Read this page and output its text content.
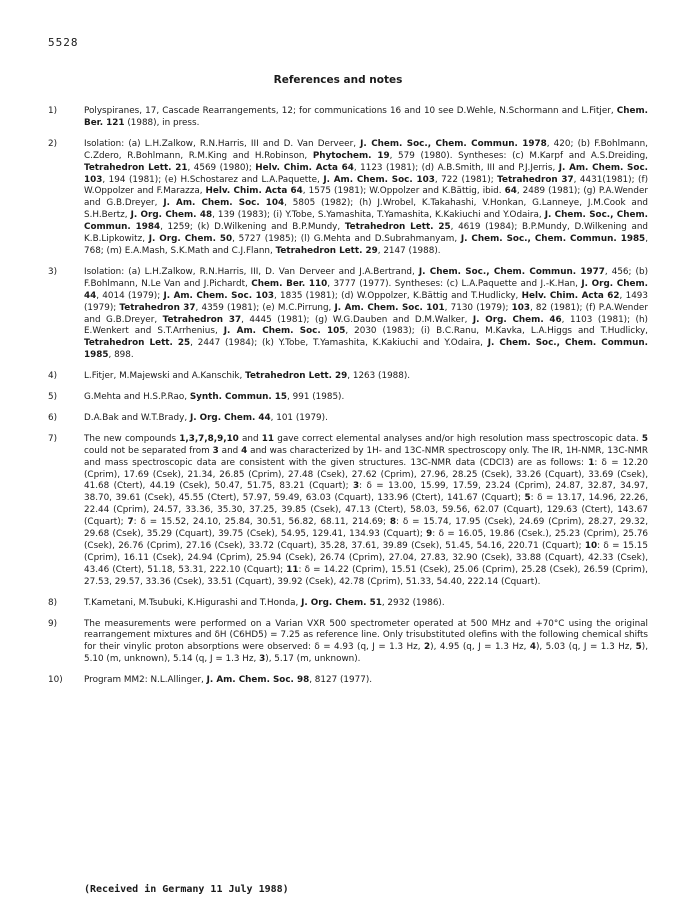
5528
References and notes
1)	Polyspiranes, 17, Cascade Rearrangements, 12; for communications 16 and 10 see D.Wehle, N.Schormann and L.Fitjer, Chem. Ber. 121 (1988), in press.
2)	Isolation: (a) L.H.Zalkow, R.N.Harris, III and D. Van Derveer, J. Chem. Soc., Chem. Commun. 1978, 420; (b) F.Bohlmann, C.Zdero, R.Bohlmann, R.M.King and H.Robinson, Phytochem. 19, 579 (1980). Syntheses: (c) M.Karpf and A.S.Dreiding, Tetrahedron Lett. 21, 4569 (1980); Helv. Chim. Acta 64, 1123 (1981); (d) A.B.Smith, III and P.J.Jerris, J. Am. Chem. Soc. 103, 194 (1981); (e) H.Schostarez and L.A.Paquette, J. Am. Chem. Soc. 103, 722 (1981); Tetrahedron 37, 4431(1981); (f) W.Oppolzer and F.Marazza, Helv. Chim. Acta 64, 1575 (1981); W.Oppolzer and K.Bättig, ibid. 64, 2489 (1981); (g) P.A.Wender and G.B.Dreyer, J. Am. Chem. Soc. 104, 5805 (1982); (h) J.Wrobel, K.Takahashi, V.Honkan, G.Lanneye, J.M.Cook and S.H.Bertz, J. Org. Chem. 48, 139 (1983); (i) Y.Tobe, S.Yamashita, T.Yamashita, K.Kakiuchi and Y.Odaira, J. Chem. Soc., Chem. Commun. 1984, 1259; (k) D.Wilkening and B.P.Mundy, Tetrahedron Lett. 25, 4619 (1984); B.P.Mundy, D.Wilkening and K.B.Lipkowitz, J. Org. Chem. 50, 5727 (1985); (l) G.Mehta and D.Subrahmanyam, J. Chem. Soc., Chem. Commun. 1985, 768; (m) E.A.Mash, S.K.Math and C.J.Flann, Tetrahedron Lett. 29, 2147 (1988).
3)	Isolation: (a) L.H.Zalkow, R.N.Harris, III, D. Van Derveer and J.A.Bertrand, J. Chem. Soc., Chem. Commun. 1977, 456; (b) F.Bohlmann, N.Le Van and J.Pichardt, Chem. Ber. 110, 3777 (1977). Syntheses: (c) L.A.Paquette and J.-K.Han, J. Org. Chem. 44, 4014 (1979); J. Am. Chem. Soc. 103, 1835 (1981); (d) W.Oppolzer, K.Bättig and T.Hudlicky, Helv. Chim. Acta 62, 1493 (1979); Tetrahedron 37, 4359 (1981); (e) M.C.Pirrung, J. Am. Chem. Soc. 101, 7130 (1979); 103, 82 (1981); (f) P.A.Wender and G.B.Dreyer, Tetrahedron 37, 4445 (1981); (g) W.G.Dauben and D.M.Walker, J. Org. Chem. 46, 1103 (1981); (h) E.Wenkert and S.T.Arrhenius, J. Am. Chem. Soc. 105, 2030 (1983); (i) B.C.Ranu, M.Kavka, L.A.Higgs and T.Hudlicky, Tetrahedron Lett. 25, 2447 (1984); (k) Y.Tobe, T.Yamashita, K.Kakiuchi and Y.Odaira, J. Chem. Soc., Chem. Commun. 1985, 898.
4)	L.Fitjer, M.Majewski and A.Kanschik, Tetrahedron Lett. 29, 1263 (1988).
5)	G.Mehta and H.S.P.Rao, Synth. Commun. 15, 991 (1985).
6)	D.A.Bak and W.T.Brady, J. Org. Chem. 44, 101 (1979).
7)	The new compounds 1,3,7,8,9,10 and 11 gave correct elemental analyses and/or high resolution mass spectroscopic data. 5 could not be separated from 3 and 4 and was characterized by 1H- and 13C-NMR spectroscopy only. The IR, 1H-NMR, 13C-NMR and mass spectroscopic data are consistent with the given structures. 13C-NMR data (CDCl3) are as follows: 1: δ = 12.20 (Cprim), 17.69 (Csek), 21.34, 26.85 (Cprim), 27.48 (Csek), 27.62 (Cprim), 27.96, 28.25 (Csek), 33.26 (Cquart), 33.69 (Csek), 41.68 (Ctert), 44.19 (Csek), 50.47, 51.75, 83.21 (Cquart); 3: δ = 13.00, 15.99, 17.59, 23.24 (Cprim), 24.87, 32.87, 34.97, 38.70, 39.61 (Csek), 45.55 (Ctert), 57.97, 59.49, 63.03 (Cquart), 133.96 (Ctert), 141.67 (Cquart); 5: δ = 13.17, 14.96, 22.26, 22.44 (Cprim), 24.57, 33.36, 35.30, 37.25, 39.85 (Csek), 47.13 (Ctert), 58.03, 59.56, 62.07 (Cquart), 129.63 (Ctert), 143.67 (Cquart); 7: δ = 15.52, 24.10, 25.84, 30.51, 56.82, 68.11, 214.69; 8: δ = 15.74, 17.95 (Csek), 24.69 (Cprim), 28.27, 29.32, 29.68 (Csek), 35.29 (Cquart), 39.75 (Csek), 54.95, 129.41, 134.93 (Cquart); 9: δ = 16.05, 19.86 (Csek.), 25.23 (Cprim), 25.76 (Csek), 26.76 (Cprim), 27.16 (Csek), 33.72 (Cquart), 35.28, 37.61, 39.89 (Csek), 51.45, 54.16, 220.71 (Cquart); 10: δ = 15.15 (Cprim), 16.11 (Csek), 24.94 (Cprim), 25.94 (Csek), 26.74 (Cprim), 27.04, 27.83, 32.90 (Csek), 33.88 (Cquart), 42.33 (Csek), 43.46 (Ctert), 51.18, 53.31, 222.10 (Cquart); 11: δ = 14.22 (Cprim), 15.51 (Csek), 25.06 (Cprim), 25.28 (Csek), 26.59 (Cprim), 27.53, 29.57, 33.36 (Csek), 33.51 (Cquart), 39.92 (Csek), 42.78 (Cprim), 51.33, 54.40, 222.14 (Cquart).
8)	T.Kametani, M.Tsubuki, K.Higurashi and T.Honda, J. Org. Chem. 51, 2932 (1986).
9)	The measurements were performed on a Varian VXR 500 spectrometer operated at 500 MHz and +70°C using the original rearrangement mixtures and δH (C6HD5) = 7.25 as reference line. Only trisubstituted olefins with the following chemical shifts for their vinylic proton absorptions were observed: δ = 4.93 (q, J = 1.3 Hz, 2), 4.95 (q, J = 1.3 Hz, 4), 5.03 (q, J = 1.3 Hz, 5), 5.10 (m, unknown), 5.14 (q, J = 1.3 Hz, 3), 5.17 (m, unknown).
10)	Program MM2: N.L.Allinger, J. Am. Chem. Soc. 98, 8127 (1977).
(Received in Germany 11 July 1988)
